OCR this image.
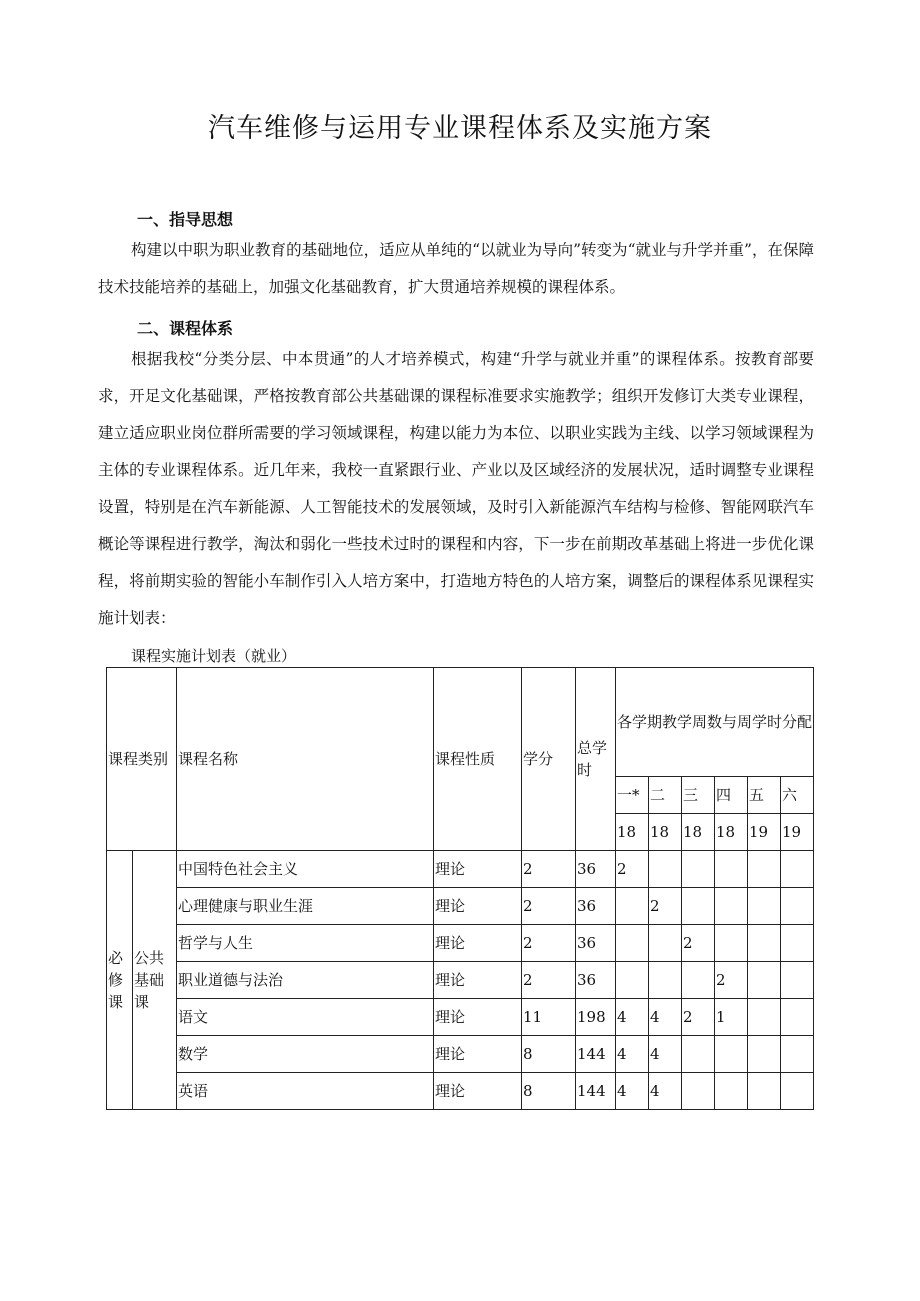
汽车维修与运用专业课程体系及实施方案
一、指导思想

构建以中职为职业教育的基础地位，适应从单纯的“以就业为导向”转变为“就业与升学并重”，在保障技术技能培养的基础上，加强文化基础教育，扩大贯通培养规模的课程体系。

二、课程体系

根据我校“分类分层、中本贯通”的人才培养模式，构建“升学与就业并重”的课程体系。按教育部要求，开足文化基础课，严格按教育部公共基础课的课程标准要求实施教学；组织开发修订大类专业课程，建立适应职业岗位群所需要的学习领域课程，构建以能力为本位、以职业实践为主线、以学习领域课程为主体的专业课程体系。近几年来，我校一直紧跟行业、产业以及区域经济的发展状况，适时调整专业课程设置，特别是在汽车新能源、人工智能技术的发展领域，及时引入新能源汽车结构与检修、智能网联汽车概论等课程进行教学，淘汰和弱化一些技术过时的课程和内容，下一步在前期改革基础上将进一步优化课程，将前期实验的智能小车制作引入人培方案中，打造地方特色的人培方案，调整后的课程体系见课程实施计划表：

课程实施计划表（就业）

课程类别		课程名称	课程性质	学分	总学时	各学期教学周数与周学时分配					
						一*	二	三	四	五	六
						18	18	18	18	19	19
必修课	公共基础课	中国特色社会主义	理论	2	36	2					
		心理健康与职业生涯	理论	2	36		2				
		哲学与人生	理论	2	36			2			
		职业道德与法治	理论	2	36				2		
		语文	理论	11	198	4	4	2	1		
		数学	理论	8	144	4	4				
		英语	理论	8	144	4	4				
